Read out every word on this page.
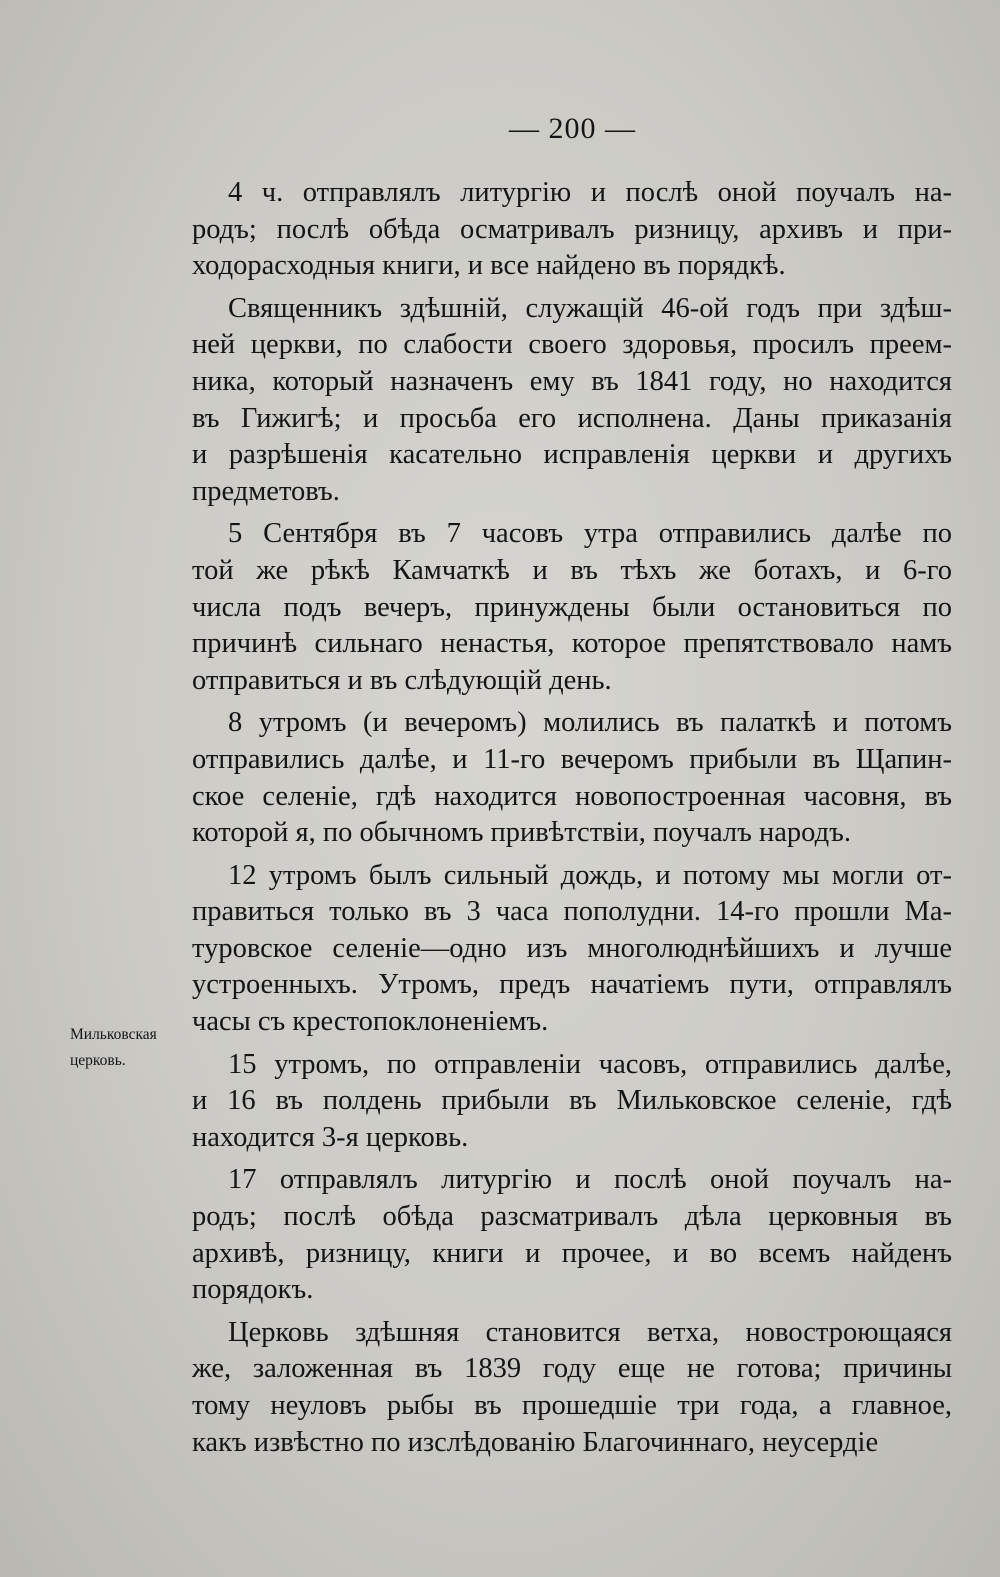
— 200 —
Мильковская
церковь.
4 ч. отправлялъ литургію и послѣ оной поучалъ на-
родъ; послѣ обѣда осматривалъ ризницу, архивъ и при-
ходорасходныя книги, и все найдено въ порядкѣ.
Священникъ здѣшній, служащій 46-ой годъ при здѣш-
ней церкви, по слабости своего здоровья, просилъ преем-
ника, который назначенъ ему въ 1841 году, но находится
въ Гижигѣ; и просьба его исполнена. Даны приказанія
и разрѣшенія касательно исправленія церкви и другихъ
предметовъ.
5 Сентября въ 7 часовъ утра отправились далѣе по
той же рѣкѣ Камчаткѣ и въ тѣхъ же ботахъ, и 6-го
числа подъ вечеръ, принуждены были остановиться по
причинѣ сильнаго ненастья, которое препятствовало намъ
отправиться и въ слѣдующій день.
8 утромъ (и вечеромъ) молились въ палаткѣ и потомъ
отправились далѣе, и 11-го вечеромъ прибыли въ Щапин-
ское селеніе, гдѣ находится новопостроенная часовня, въ
которой я, по обычномъ привѣтствіи, поучалъ народъ.
12 утромъ былъ сильный дождь, и потому мы могли от-
правиться только въ 3 часа пополудни. 14-го прошли Ма-
туровское селеніе—одно изъ многолюднѣйшихъ и лучше
устроенныхъ. Утромъ, предъ начатіемъ пути, отправлялъ
часы съ крестопоклоненіемъ.
15 утромъ, по отправленіи часовъ, отправились далѣе,
и 16 въ полдень прибыли въ Мильковское селеніе, гдѣ
находится 3-я церковь.
17 отправлялъ литургію и послѣ оной поучалъ на-
родъ; послѣ обѣда разсматривалъ дѣла церковныя въ
архивѣ, ризницу, книги и прочее, и во всемъ найденъ
порядокъ.
Церковь здѣшняя становится ветха, новостроющаяся
же, заложенная въ 1839 году еще не готова; причины
тому неуловъ рыбы въ прошедшіе три года, а главное,
какъ извѣстно по изслѣдованію Благочиннаго, неусердіе
